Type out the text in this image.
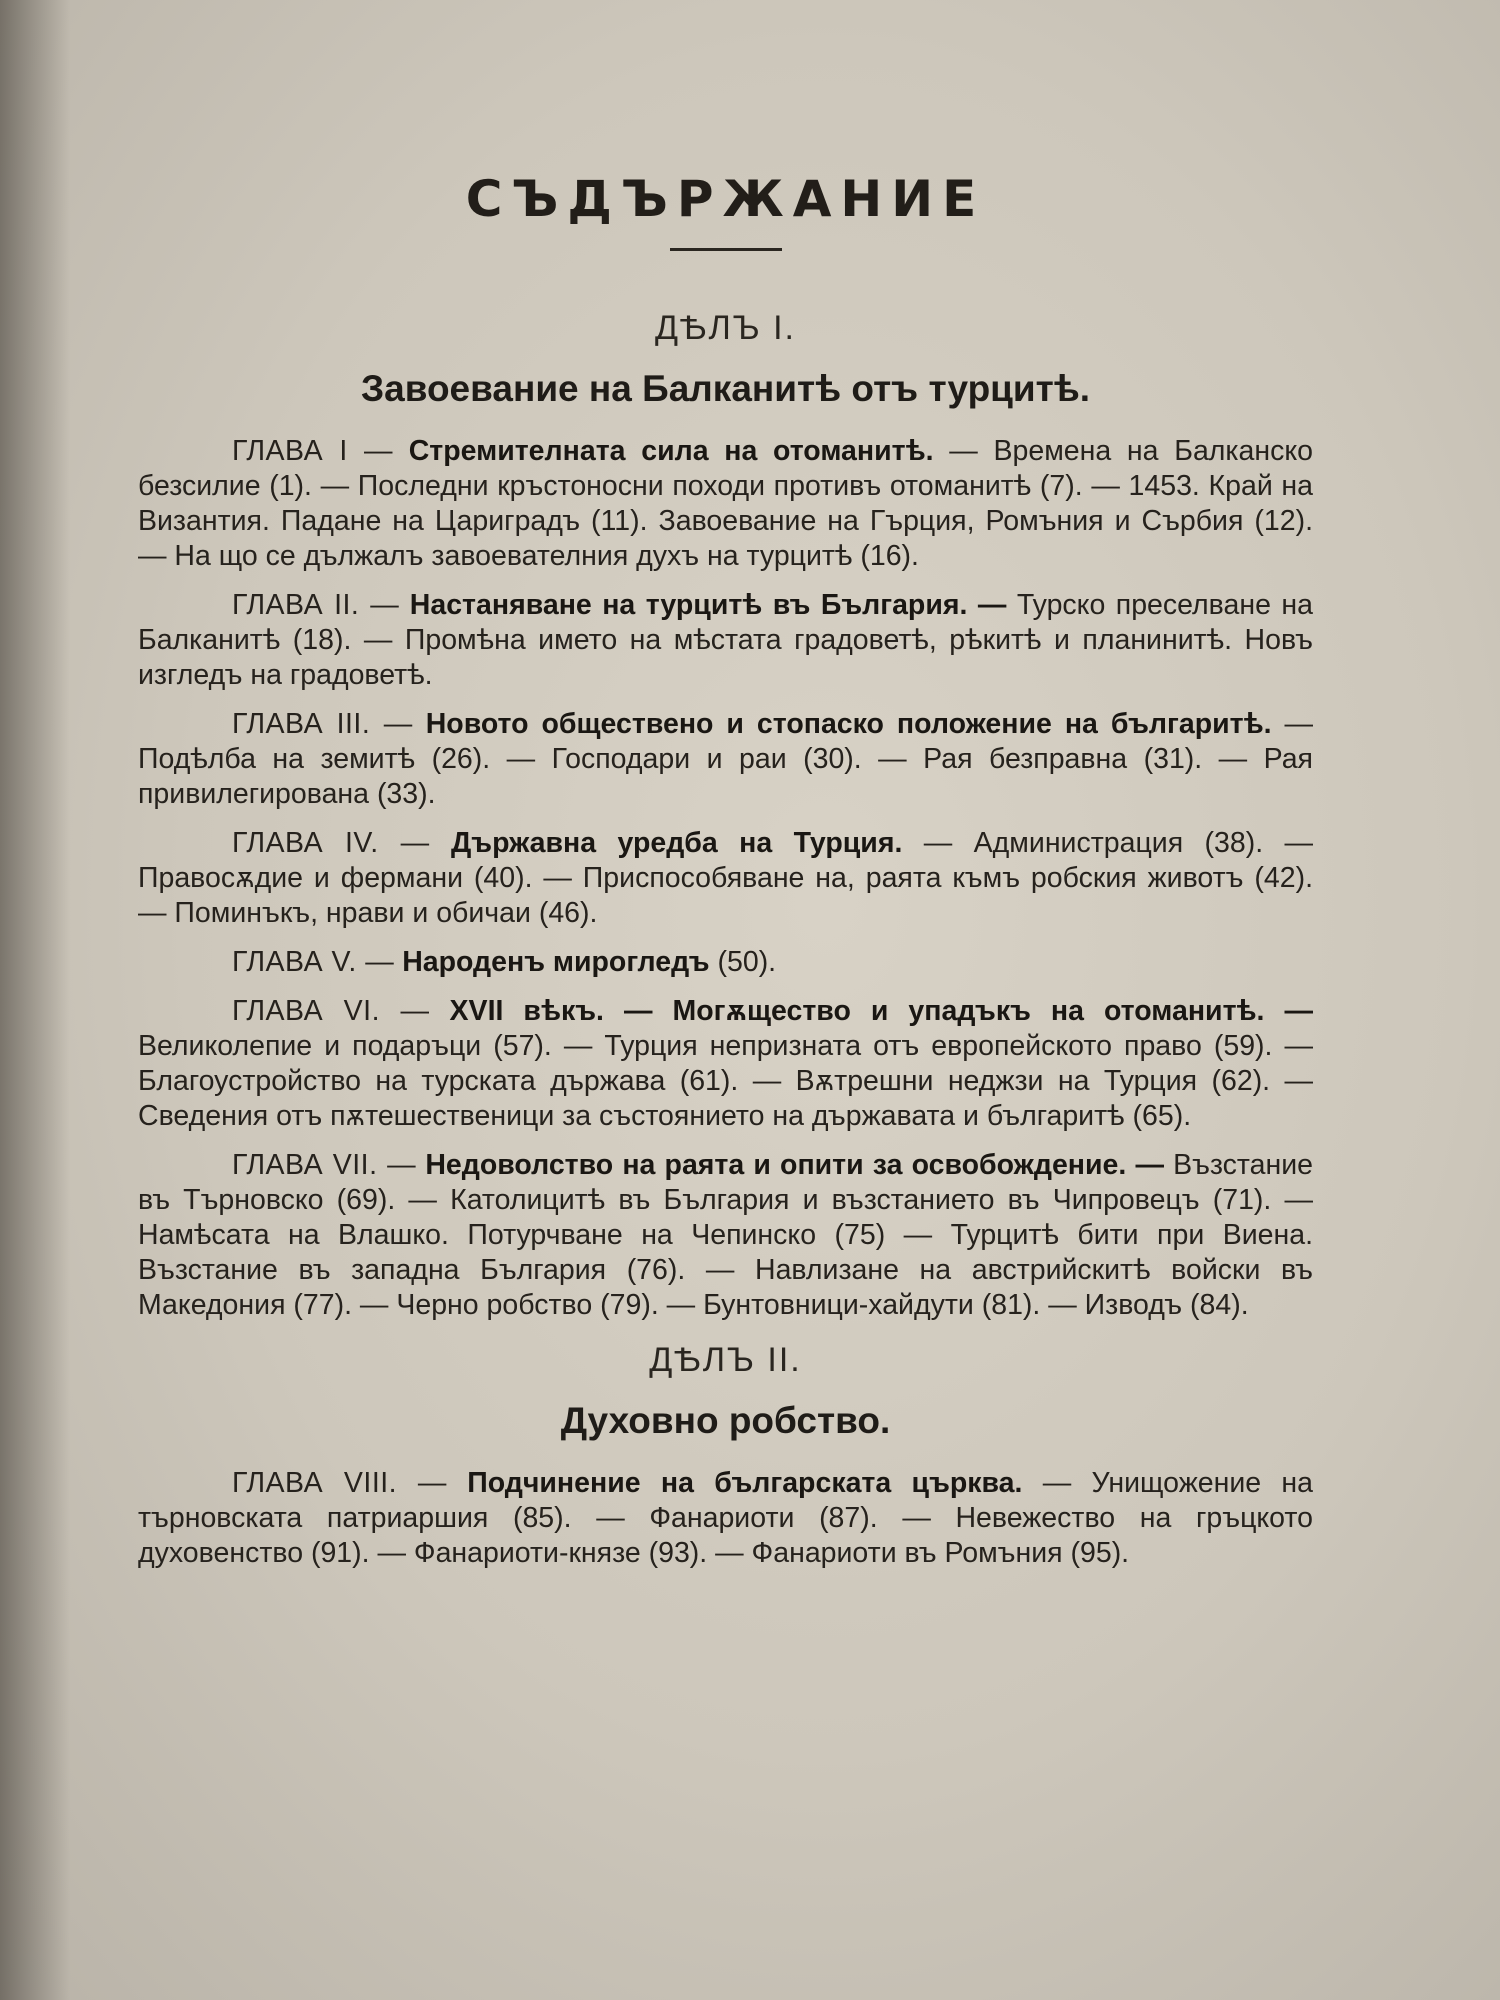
СЪДЪРЖАНИЕ
ДѢЛЪ I.
Завоевание на Балканитѣ отъ турцитѣ.

ГЛАВА I — Стремителната сила на отоманитѣ. — Времена на Балканско безсилие (1). — Последни кръстоносни походи противъ отоманитѣ (7). — 1453. Край на Византия. Падане на Цариградъ (11). Завоевание на Гърция, Ромъния и Сърбия (12). — На що се дължалъ завоевателния духъ на турцитѣ (16).

ГЛАВА II. — Настаняване на турцитѣ въ България. — Турско преселване на Балканитѣ (18). — Промѣна името на мѣстата градоветѣ, рѣкитѣ и планинитѣ. Новъ изгледъ на градоветѣ.

ГЛАВА III. — Новото обществено и стопаско положение на българитѣ. — Подѣлба на земитѣ (26). — Господари и раи (30). — Рая безправна (31). — Рая привилегирована (33).

ГЛАВА IV. — Държавна уредба на Турция. — Администрация (38). — Правосѫдие и фермани (40). — Приспособяване на, раята къмъ робския животъ (42). — Поминъкъ, нрави и обичаи (46).

ГЛАВА V. — Народенъ мирогледъ (50).

ГЛАВА VI. — XVII вѣкъ. — Могѫщество и упадъкъ на отоманитѣ. — Великолепие и подаръци (57). — Турция непризната отъ европейското право (59). — Благоустройство на турската държава (61). — Вѫтрешни неджзи на Турция (62). — Сведения отъ пѫтешественици за състоянието на държавата и българитѣ (65).

ГЛАВА VII. — Недоволство на раята и опити за освобождение. — Възстание въ Търновско (69). — Католицитѣ въ България и възстанието въ Чипровецъ (71). — Намѣсата на Влашко. Потурчване на Чепинско (75) — Турцитѣ бити при Виена. Възстание въ западна България (76). — Навлизане на австрийскитѣ войски въ Македония (77). — Черно робство (79). — Бунтовници-хайдути (81). — Изводъ (84).

ДѢЛЪ II.
Духовно робство.

ГЛАВА VIII. — Подчинение на българската църква. — Унищожение на търновската патриаршия (85). — Фанариоти (87). — Невежество на гръцкото духовенство (91). — Фанариоти-князе (93). — Фанариоти въ Ромъния (95).
